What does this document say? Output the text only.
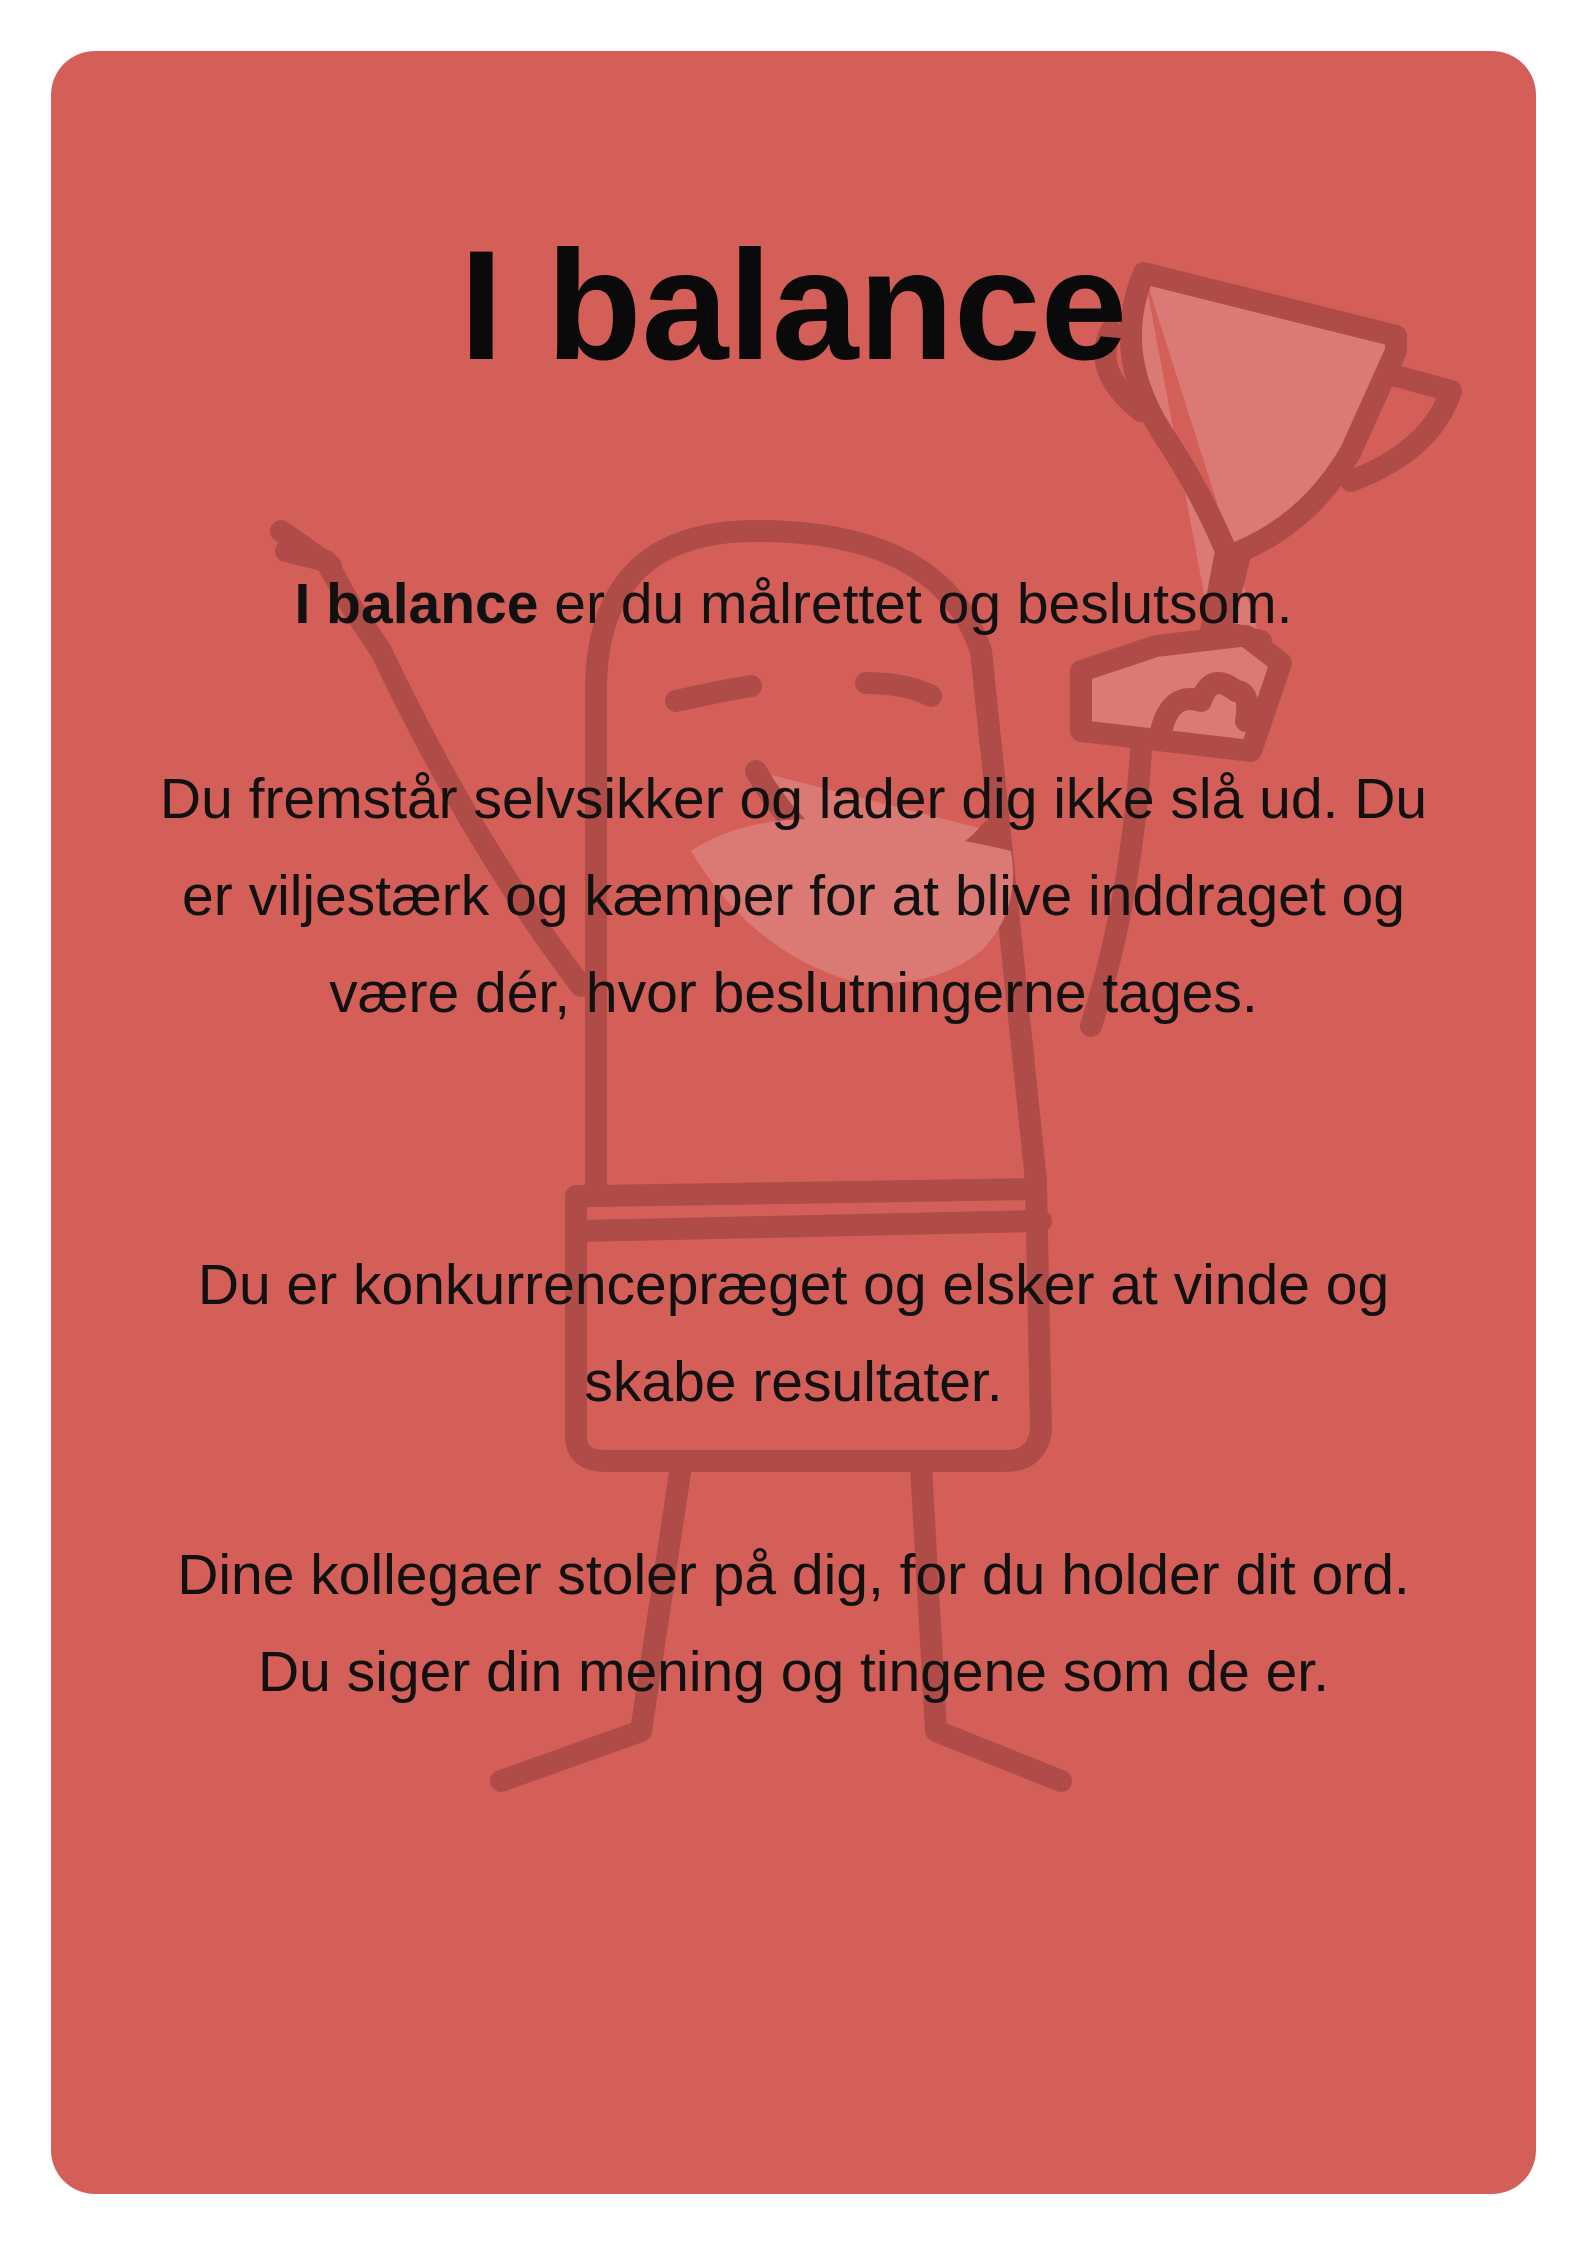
I balance

I balance er du målrettet og beslutsom.

Du fremstår selvsikker og lader dig ikke slå ud. Du er viljestærk og kæmper for at blive inddraget og være dér, hvor beslutningerne tages.

Du er konkurrencepræget og elsker at vinde og skabe resultater.

Dine kollegaer stoler på dig, for du holder dit ord. Du siger din mening og tingene som de er.
